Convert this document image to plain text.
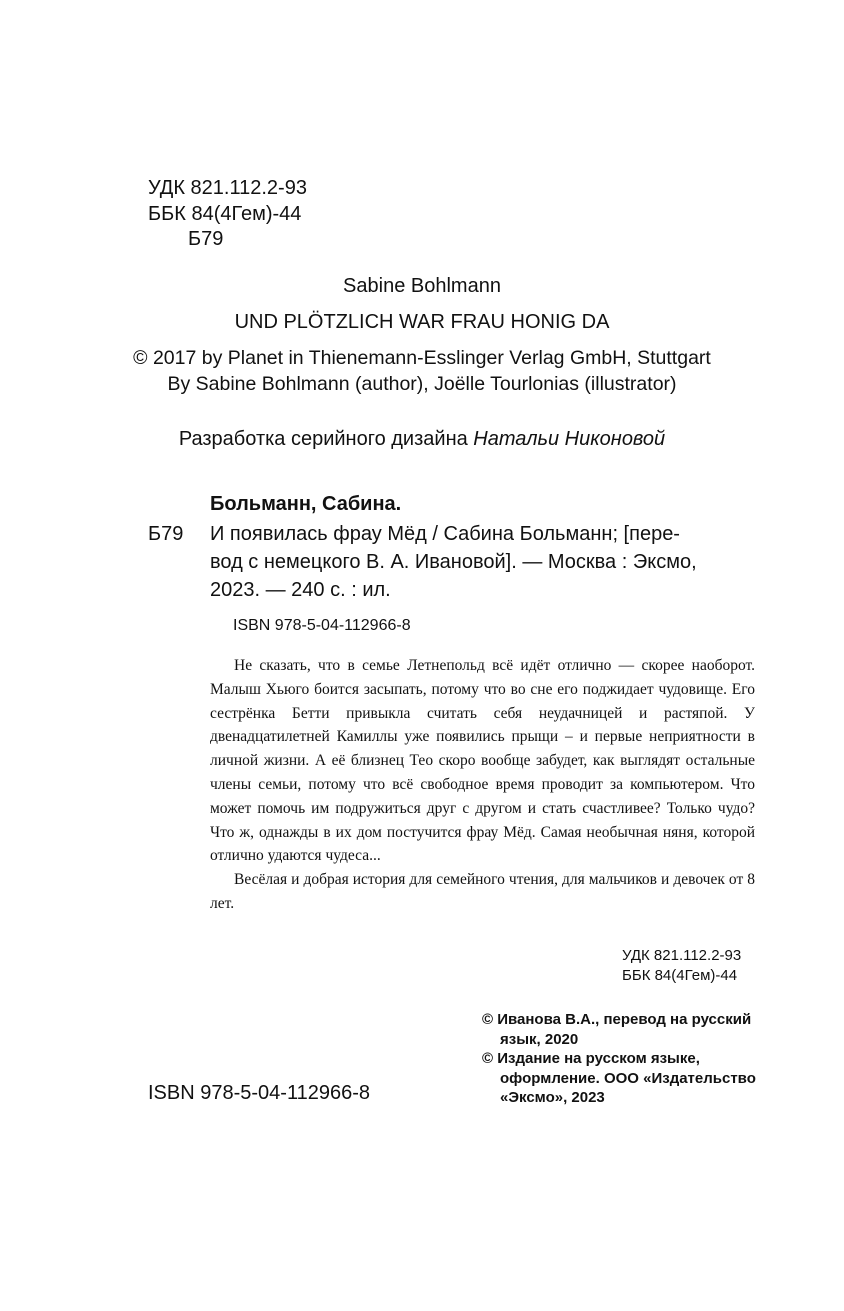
УДК 821.112.2-93
ББК 84(4Гем)-44
Б79
Sabine Bohlmann
UND PLÖTZLICH WAR FRAU HONIG DA
© 2017 by Planet in Thienemann-Esslinger Verlag GmbH, Stuttgart
By Sabine Bohlmann (author), Joëlle Tourlonias (illustrator)
Разработка серийного дизайна Натальи Никоновой
Больманн, Сабина.
Б79 И появилась фрау Мёд / Сабина Больманн; [пере-
вод с немецкого В. А. Ивановой]. — Москва : Эксмо,
2023. — 240 с. : ил.
ISBN 978-5-04-112966-8

Не сказать, что в семье Летнепольд всё идёт отлично — скорее наоборот. Малыш Хьюго боится засыпать, потому что во сне его поджидает чудовище. Его сестрёнка Бетти привыкла считать себя неудачницей и растяпой. У двенадцатилетней Камиллы уже появились прыщи – и первые неприятности в личной жизни. А её близнец Тео скоро вообще забудет, как выглядят остальные члены семьи, потому что всё свободное время проводит за компьютером. Что может помочь им подружиться друг с другом и стать счастливее? Только чудо? Что ж, однажды в их дом постучится фрау Мёд. Самая необычная няня, которой отлично удаются чудеса...

Весёлая и добрая история для семейного чтения, для мальчиков и девочек от 8 лет.

УДК 821.112.2-93
ББК 84(4Гем)-44
© Иванова В.А., перевод на русский язык, 2020
© Издание на русском языке, оформление. ООО «Издательство «Эксмо», 2023
ISBN 978-5-04-112966-8
